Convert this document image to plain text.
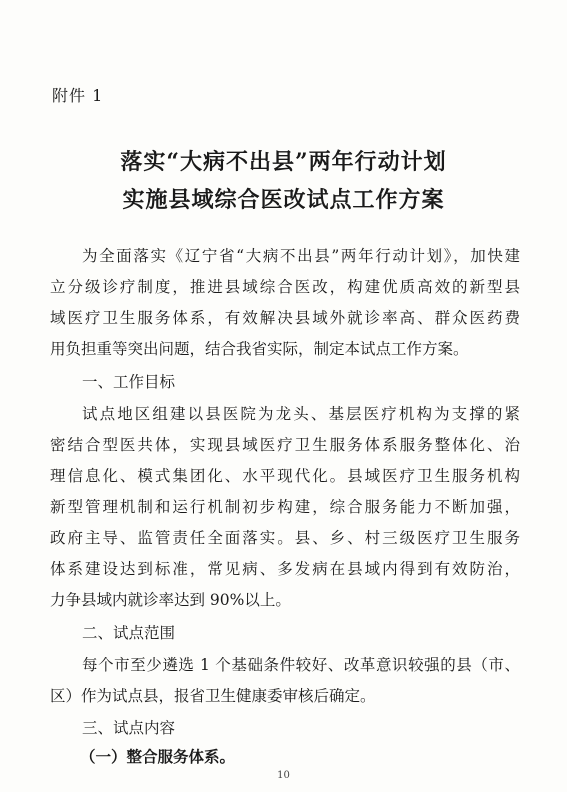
附件 1
落实“大病不出县”两年行动计划
实施县域综合医改试点工作方案
为全面落实《辽宁省“大病不出县”两年行动计划》，加快建
立分级诊疗制度，推进县域综合医改，构建优质高效的新型县
域医疗卫生服务体系，有效解决县域外就诊率高、群众医药费
用负担重等突出问题，结合我省实际，制定本试点工作方案。
一、工作目标
试点地区组建以县医院为龙头、基层医疗机构为支撑的紧
密结合型医共体，实现县域医疗卫生服务体系服务整体化、治
理信息化、模式集团化、水平现代化。县域医疗卫生服务机构
新型管理机制和运行机制初步构建，综合服务能力不断加强，
政府主导、监管责任全面落实。县、乡、村三级医疗卫生服务
体系建设达到标准，常见病、多发病在县域内得到有效防治，
力争县域内就诊率达到 90%以上。
二、试点范围
每个市至少遴选 1 个基础条件较好、改革意识较强的县（市、
区）作为试点县，报省卫生健康委审核后确定。
三、试点内容
（一）整合服务体系。
10
